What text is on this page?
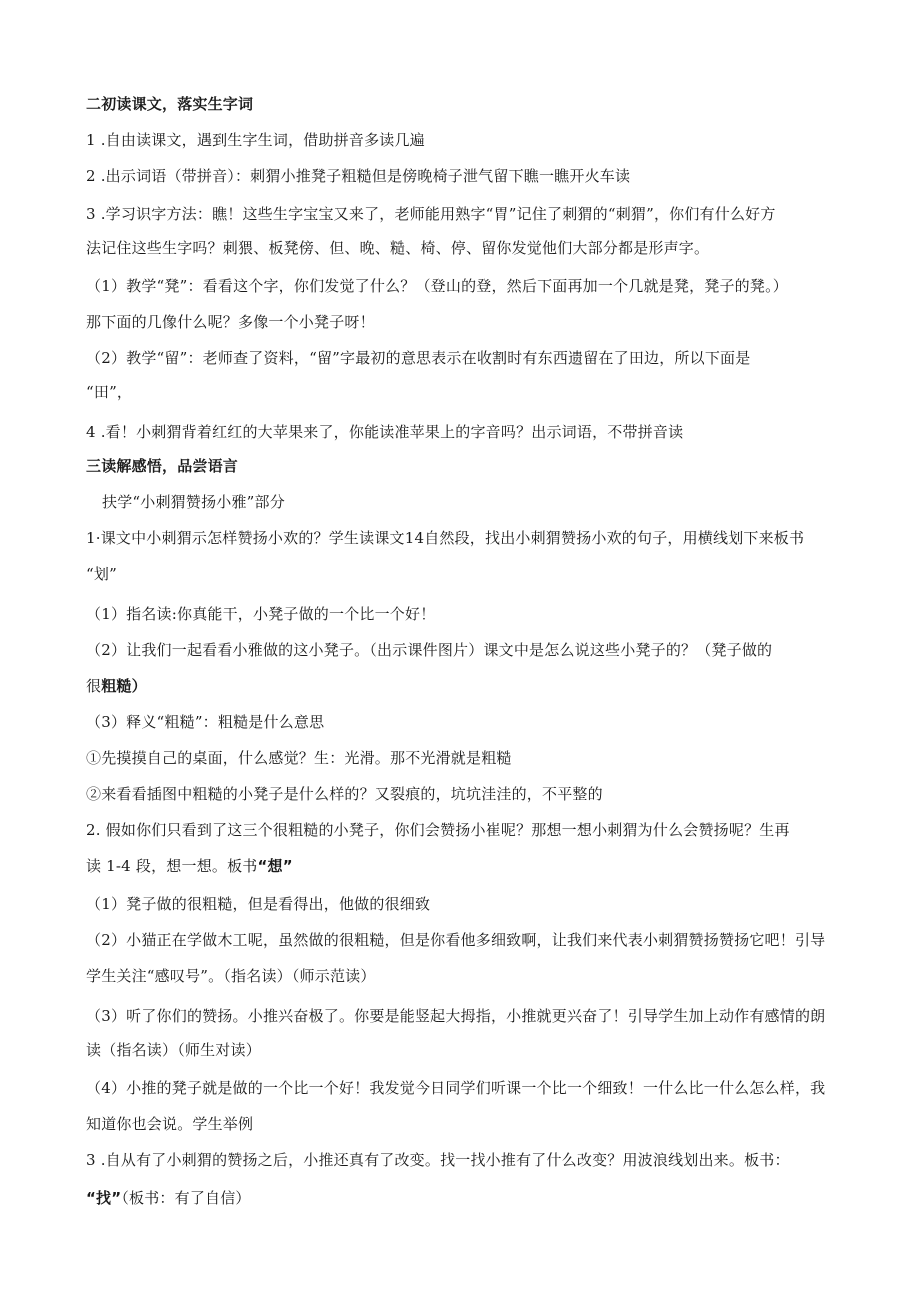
二初读课文，落实生字词
1 .自由读课文，遇到生字生词，借助拼音多读几遍
2 .出示词语（带拼音）：刺猬小推凳子粗糙但是傍晚椅子泄气留下瞧一瞧开火车读
3 .学习识字方法：瞧！这些生字宝宝又来了，老师能用熟字“胃”记住了刺猬的“刺猬”，你们有什么好方
法记住这些生字吗？刺猥、板凳傍、但、晚、糙、椅、停、留你发觉他们大部分都是形声字。
（1）教学“凳”：看看这个字，你们发觉了什么？（登山的登，然后下面再加一个几就是凳，凳子的凳。）
那下面的几像什么呢？多像一个小凳子呀！
（2）教学“留”：老师查了资料，“留”字最初的意思表示在收割时有东西遗留在了田边，所以下面是
“田”，
4 .看！小刺猬背着红红的大苹果来了，你能读准苹果上的字音吗？出示词语，不带拼音读
三读解感悟，品尝语言
扶学“小刺猬赞扬小雅”部分
1·课文中小刺猬示怎样赞扬小欢的？学生读课文14自然段，找出小刺猬赞扬小欢的句子，用横线划下来板书
“划”
（1）指名读:你真能干，小凳子做的一个比一个好！
（2）让我们一起看看小雅做的这小凳子。（出示课件图片）课文中是怎么说这些小凳子的？（凳子做的
很粗糙）
（3）释义“粗糙”：粗糙是什么意思
①先摸摸自己的桌面，什么感觉？生：光滑。那不光滑就是粗糙
②来看看插图中粗糙的小凳子是什么样的？又裂痕的，坑坑洼洼的，不平整的
2. 假如你们只看到了这三个很粗糙的小凳子，你们会赞扬小崔呢？那想一想小刺猬为什么会赞扬呢？生再
读 1-4 段，想一想。板书“想”
（1）凳子做的很粗糙，但是看得出，他做的很细致
（2）小猫正在学做木工呢，虽然做的很粗糙，但是你看他多细致啊，让我们来代表小刺猬赞扬赞扬它吧！引导
学生关注“感叹号”。（指名读）（师示范读）
（3）听了你们的赞扬。小推兴奋极了。你要是能竖起大拇指，小推就更兴奋了！引导学生加上动作有感情的朗
读（指名读）（师生对读）
（4）小推的凳子就是做的一个比一个好！我发觉今日同学们听课一个比一个细致！一什么比一什么怎么样，我
知道你也会说。学生举例
3 .自从有了小刺猬的赞扬之后，小推还真有了改变。找一找小推有了什么改变？用波浪线划出来。板书：
“找”（板书：有了自信）
